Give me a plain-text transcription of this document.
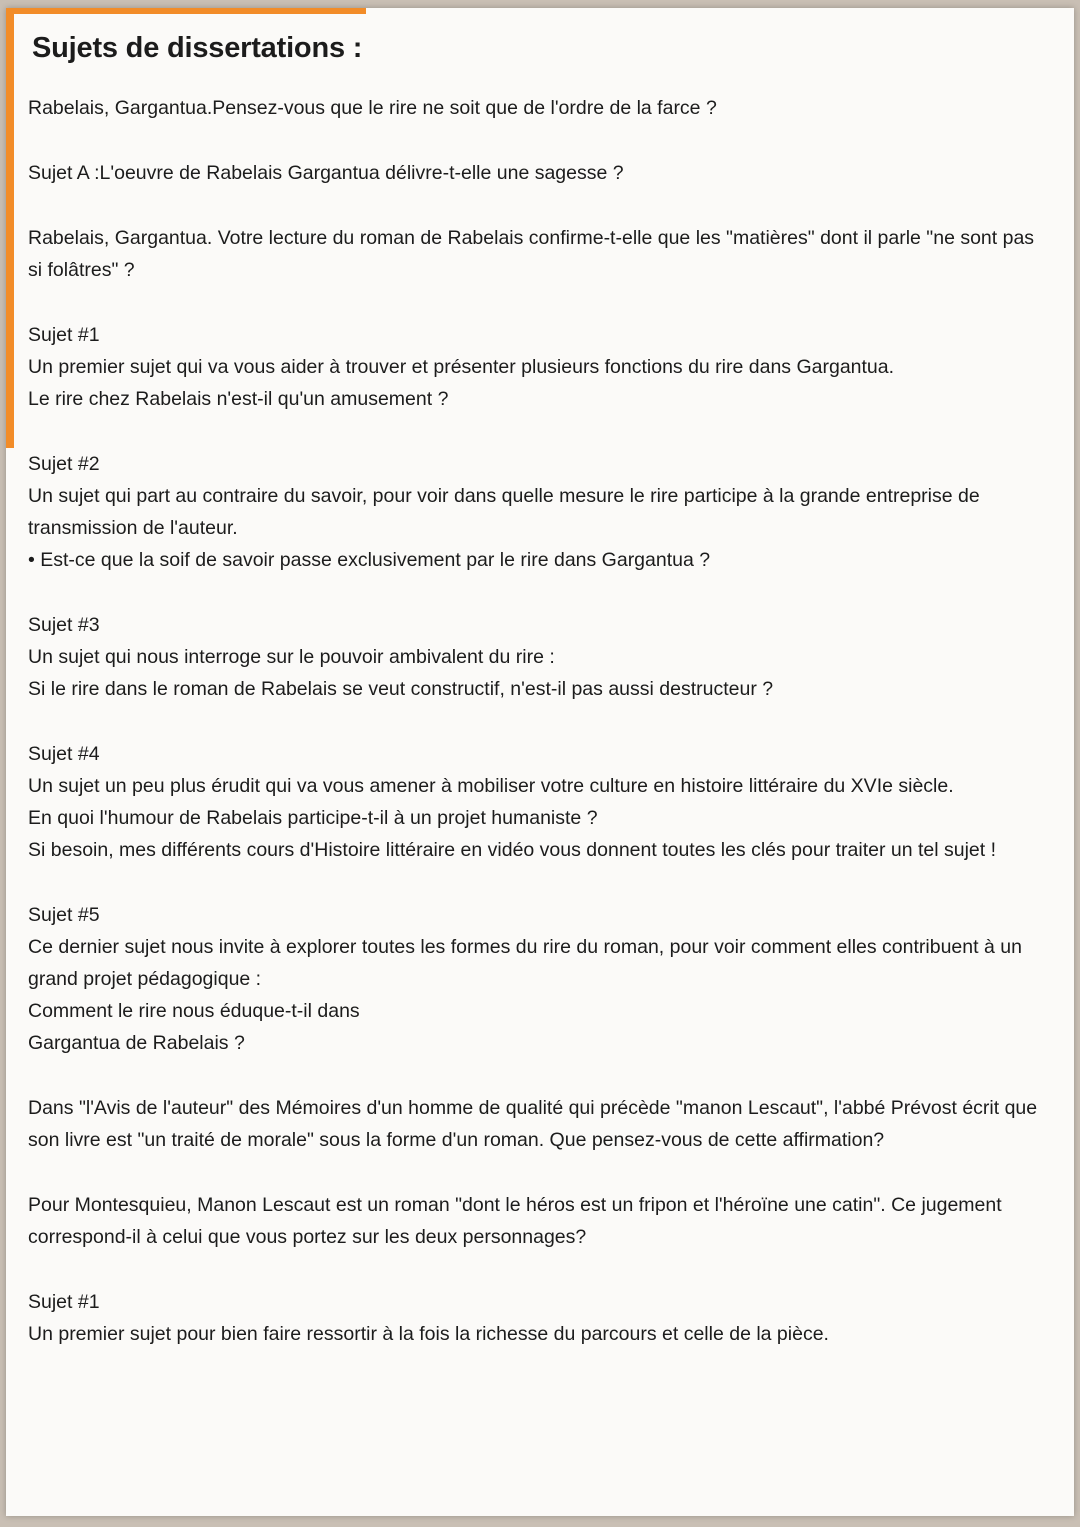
Sujets de dissertations :

Rabelais, Gargantua.Pensez-vous que le rire ne soit que de l'ordre de la farce ?

Sujet A :L'oeuvre de Rabelais Gargantua délivre-t-elle une sagesse ?

Rabelais, Gargantua. Votre lecture du roman de Rabelais confirme-t-elle que les "matières" dont il parle "ne sont pas si folâtres" ?

Sujet #1

Un premier sujet qui va vous aider à trouver et présenter plusieurs fonctions du rire dans Gargantua.

Le rire chez Rabelais n'est-il qu'un amusement ?

Sujet #2

Un sujet qui part au contraire du savoir, pour voir dans quelle mesure le rire participe à la grande entreprise de transmission de l'auteur.

• Est-ce que la soif de savoir passe exclusivement par le rire dans Gargantua ?

Sujet #3

Un sujet qui nous interroge sur le pouvoir ambivalent du rire :

Si le rire dans le roman de Rabelais se veut constructif, n'est-il pas aussi destructeur ?

Sujet #4

Un sujet un peu plus érudit qui va vous amener à mobiliser votre culture en histoire littéraire du XVIe siècle.

En quoi l'humour de Rabelais participe-t-il à un projet humaniste ?

Si besoin, mes différents cours d'Histoire littéraire en vidéo vous donnent toutes les clés pour traiter un tel sujet !

Sujet #5

Ce dernier sujet nous invite à explorer toutes les formes du rire du roman, pour voir comment elles contribuent à un grand projet pédagogique :

Comment le rire nous éduque-t-il dans

Gargantua de Rabelais ?

Dans "l'Avis de l'auteur" des Mémoires d'un homme de qualité qui précède "manon Lescaut", l'abbé Prévost écrit que son livre est "un traité de morale" sous la forme d'un roman. Que pensez-vous de cette affirmation?

Pour Montesquieu, Manon Lescaut est un roman "dont le héros est un fripon et l'héroïne une catin". Ce jugement correspond-il à celui que vous portez sur les deux personnages?

Sujet #1

Un premier sujet pour bien faire ressortir à la fois la richesse du parcours et celle de la pièce.
